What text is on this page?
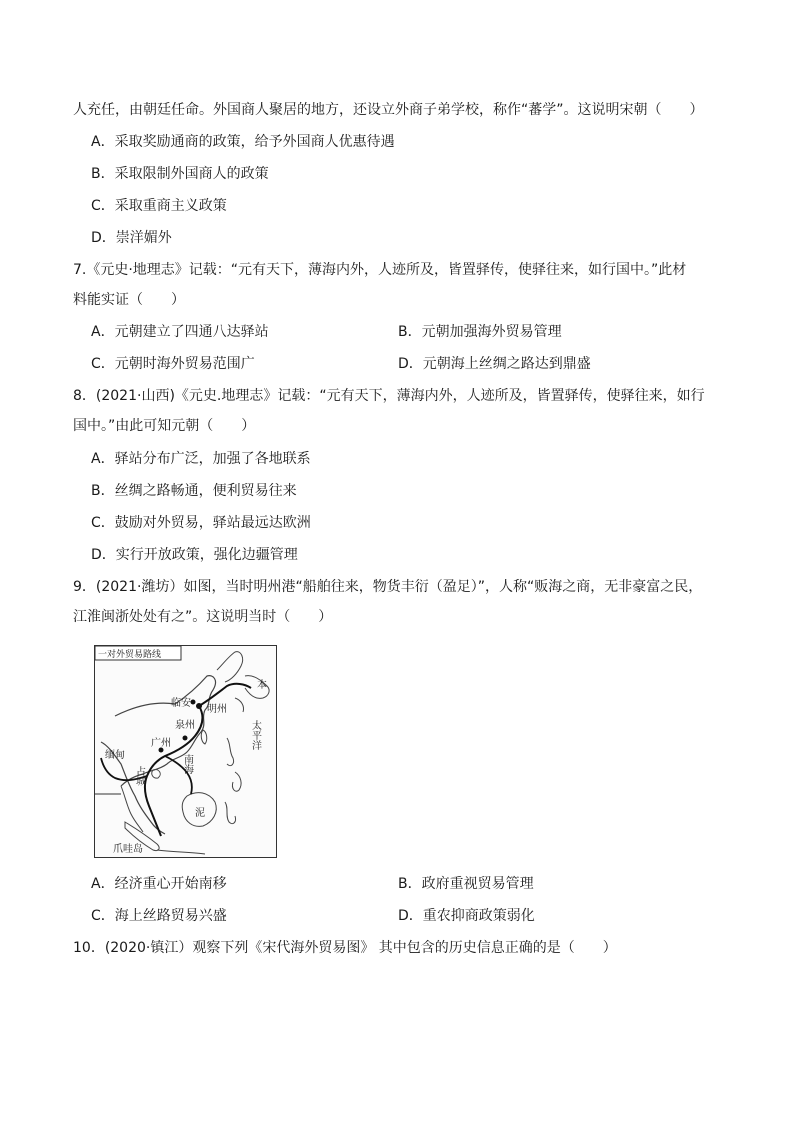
人充任，由朝廷任命。外国商人聚居的地方，还设立外商子弟学校，称作“蕃学”。这说明宋朝（　　）
A．采取奖励通商的政策，给予外国商人优惠待遇
B．采取限制外国商人的政策
C．采取重商主义政策
D．崇洋媚外
7.《元史·地理志》记载：“元有天下，薄海内外，人迹所及，皆置驿传，使驿往来，如行国中。”此材
料能实证（　　）
A．元朝建立了四通八达驿站	B．元朝加强海外贸易管理
C．元朝时海外贸易范围广	D．元朝海上丝绸之路达到鼎盛
8．(2021·山西)《元史.地理志》记载：“元有天下，薄海内外，人迹所及，皆置驿传，使驿往来，如行
国中。”由此可知元朝（　　）
A．驿站分布广泛，加强了各地联系
B．丝绸之路畅通，便利贸易往来
C．鼓励对外贸易，驿站最远达欧洲
D．实行开放政策，强化边疆管理
9．(2021·潍坊）如图，当时明州港“船舶往来，物货丰衍（盈足）”，人称“贩海之商，无非豪富之民，
江淮闽浙处处有之”。这说明当时（　　）
一对外贸易路线
临安
明州
泉州
广州
缅甸
占城
南海
太平洋
本
泥
爪哇岛
A．经济重心开始南移	B．政府重视贸易管理
C．海上丝路贸易兴盛	D．重农抑商政策弱化
10．(2020·镇江）观察下列《宋代海外贸易图》 其中包含的历史信息正确的是（　　）
